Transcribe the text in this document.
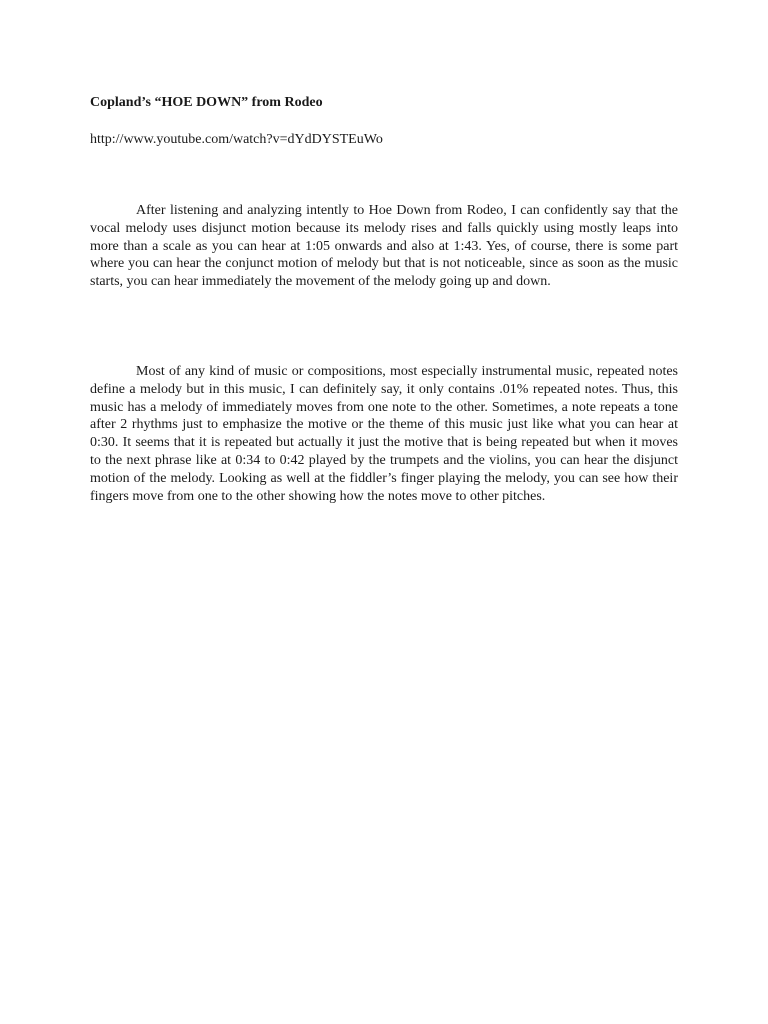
Copland’s “HOE DOWN” from Rodeo
http://www.youtube.com/watch?v=dYdDYSTEuWo

After listening and analyzing intently to Hoe Down from Rodeo, I can confidently say that the vocal melody uses disjunct motion because its melody rises and falls quickly using mostly leaps into more than a scale as you can hear at 1:05 onwards and also at 1:43. Yes, of course, there is some part where you can hear the conjunct motion of melody but that is not noticeable, since as soon as the music starts, you can hear immediately the movement of the melody going up and down.

Most of any kind of music or compositions, most especially instrumental music, repeated notes define a melody but in this music, I can definitely say, it only contains .01% repeated notes. Thus, this music has a melody of immediately moves from one note to the other. Sometimes, a note repeats a tone after 2 rhythms just to emphasize the motive or the theme of this music just like what you can hear at 0:30. It seems that it is repeated but actually it just the motive that is being repeated but when it moves to the next phrase like at 0:34 to 0:42 played by the trumpets and the violins, you can hear the disjunct motion of the melody. Looking as well at the fiddler’s finger playing the melody, you can see how their fingers move from one to the other showing how the notes move to other pitches.
